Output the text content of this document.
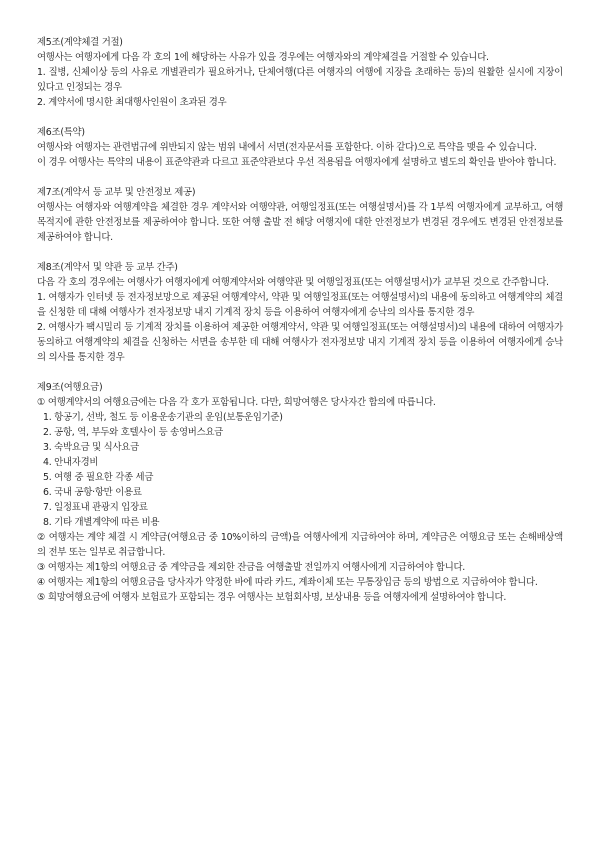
제5조(계약체결 거절)

여행사는 여행자에게 다음 각 호의 1에 해당하는 사유가 있을 경우에는 여행자와의 계약체결을 거절할 수 있습니다.

1. 질병, 신체이상 등의 사유로 개별관리가 필요하거나, 단체여행(다른 여행자의 여행에 지장을 초래하는 등)의 원활한 실시에 지장이 있다고 인정되는 경우

2. 계약서에 명시한 최대행사인원이 초과된 경우

제6조(특약)

여행사와 여행자는 관련법규에 위반되지 않는 범위 내에서 서면(전자문서를 포함한다. 이하 같다)으로 특약을 맺을 수 있습니다.

이 경우 여행사는 특약의 내용이 표준약관과 다르고 표준약관보다 우선 적용됨을 여행자에게 설명하고 별도의 확인을 받아야 합니다.

제7조(계약서 등 교부 및 안전정보 제공)

여행사는 여행자와 여행계약을 체결한 경우 계약서와 여행약관, 여행일정표(또는 여행설명서)를 각 1부씩 여행자에게 교부하고, 여행목적지에 관한 안전정보를 제공하여야 합니다. 또한 여행 출발 전 해당 여행지에 대한 안전정보가 변경된 경우에도 변경된 안전정보를 제공하여야 합니다.

제8조(계약서 및 약관 등 교부 간주)

다음 각 호의 경우에는 여행사가 여행자에게 여행계약서와 여행약관 및 여행일정표(또는 여행설명서)가 교부된 것으로 간주합니다.

1. 여행자가 인터넷 등 전자정보망으로 제공된 여행계약서, 약관 및 여행일정표(또는 여행설명서)의 내용에 동의하고 여행계약의 체결을 신청한 데 대해 여행사가 전자정보망 내지 기계적 장치 등을 이용하여 여행자에게 승낙의 의사를 통지한 경우

2. 여행사가 팩시밀리 등 기계적 장치를 이용하여 제공한 여행계약서, 약관 및 여행일정표(또는 여행설명서)의 내용에 대하여 여행자가 동의하고 여행계약의 체결을 신청하는 서면을 송부한 데 대해 여행사가 전자정보망 내지 기계적 장치 등을 이용하여 여행자에게 승낙의 의사를 통지한 경우

제9조(여행요금)

① 여행계약서의 여행요금에는 다음 각 호가 포함됩니다. 다만, 희망여행은 당사자간 합의에 따릅니다.

1. 항공기, 선박, 철도 등 이용운송기관의 운임(보통운임기준)

2. 공항, 역, 부두와 호텔사이 등 송영버스요금

3. 숙박요금 및 식사요금

4. 안내자경비

5. 여행 중 필요한 각종 세금

6. 국내 공항·항만 이용료

7. 일정표내 관광지 입장료

8. 기타 개별계약에 따른 비용

② 여행자는 계약 체결 시 계약금(여행요금 중 10%이하의 금액)을 여행사에게 지급하여야 하며, 계약금은 여행요금 또는 손해배상액의 전부 또는 일부로 취급합니다.

③ 여행자는 제1항의 여행요금 중 계약금을 제외한 잔금을 여행출발 전일까지 여행사에게 지급하여야 합니다.

④ 여행자는 제1항의 여행요금을 당사자가 약정한 바에 따라 카드, 계좌이체 또는 무통장입금 등의 방법으로 지급하여야 합니다.

⑤ 희망여행요금에 여행자 보험료가 포함되는 경우 여행사는 보험회사명, 보상내용 등을 여행자에게 설명하여야 합니다.
